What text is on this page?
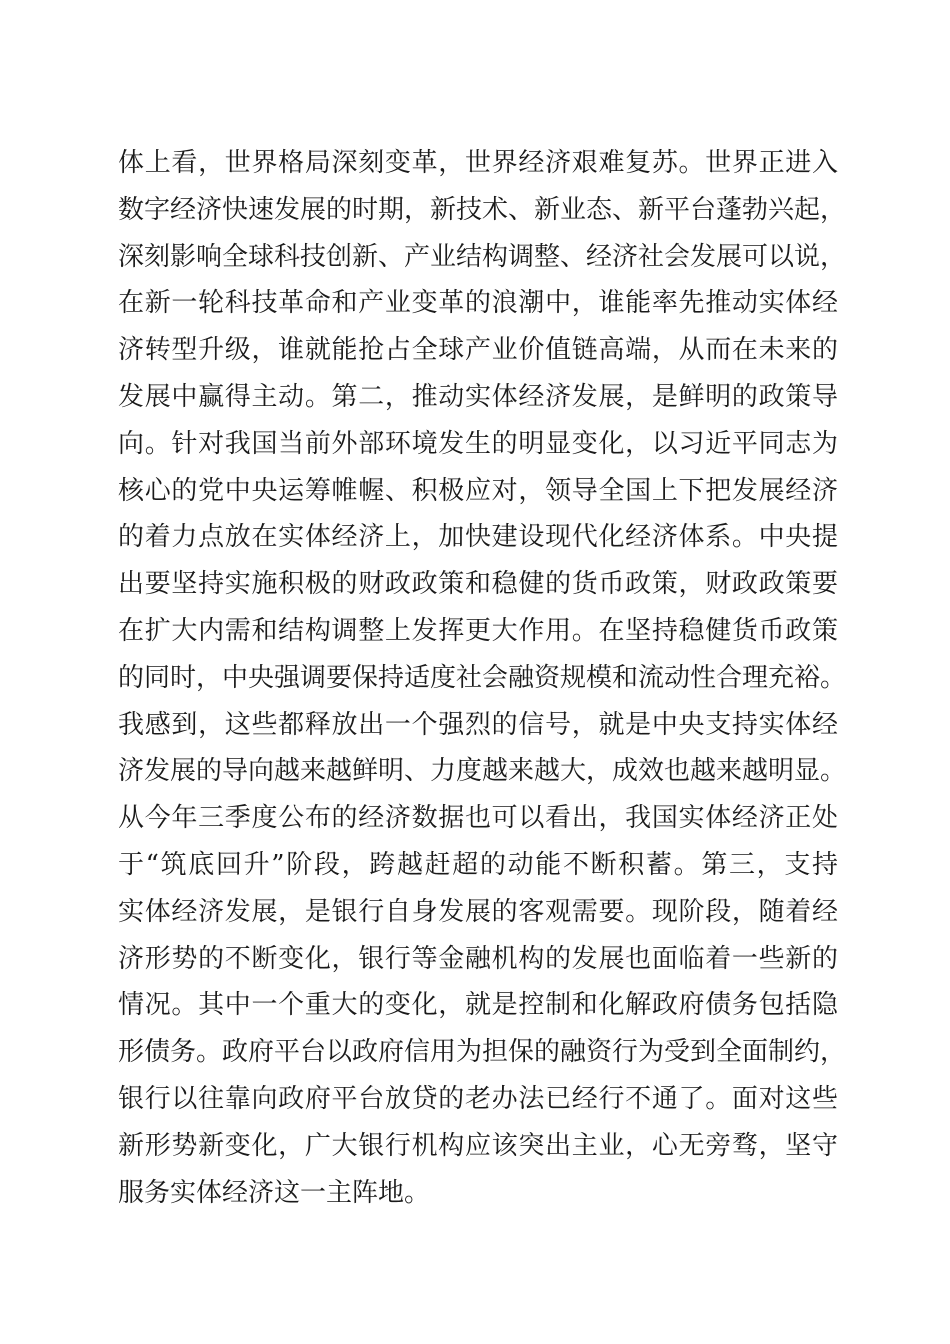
体上看，世界格局深刻变革，世界经济艰难复苏。世界正进入
数字经济快速发展的时期，新技术、新业态、新平台蓬勃兴起，
深刻影响全球科技创新、产业结构调整、经济社会发展可以说，
在新一轮科技革命和产业变革的浪潮中，谁能率先推动实体经
济转型升级，谁就能抢占全球产业价值链高端，从而在未来的
发展中赢得主动。第二，推动实体经济发展，是鲜明的政策导
向。针对我国当前外部环境发生的明显变化，以习近平同志为
核心的党中央运筹帷幄、积极应对，领导全国上下把发展经济
的着力点放在实体经济上，加快建设现代化经济体系。中央提
出要坚持实施积极的财政政策和稳健的货币政策，财政政策要
在扩大内需和结构调整上发挥更大作用。在坚持稳健货币政策
的同时，中央强调要保持适度社会融资规模和流动性合理充裕。
我感到，这些都释放出一个强烈的信号，就是中央支持实体经
济发展的导向越来越鲜明、力度越来越大，成效也越来越明显。
从今年三季度公布的经济数据也可以看出，我国实体经济正处
于“筑底回升”阶段，跨越赶超的动能不断积蓄。第三，支持
实体经济发展，是银行自身发展的客观需要。现阶段，随着经
济形势的不断变化，银行等金融机构的发展也面临着一些新的
情况。其中一个重大的变化，就是控制和化解政府债务包括隐
形债务。政府平台以政府信用为担保的融资行为受到全面制约，
银行以往靠向政府平台放贷的老办法已经行不通了。面对这些
新形势新变化，广大银行机构应该突出主业，心无旁骛，坚守
服务实体经济这一主阵地。
